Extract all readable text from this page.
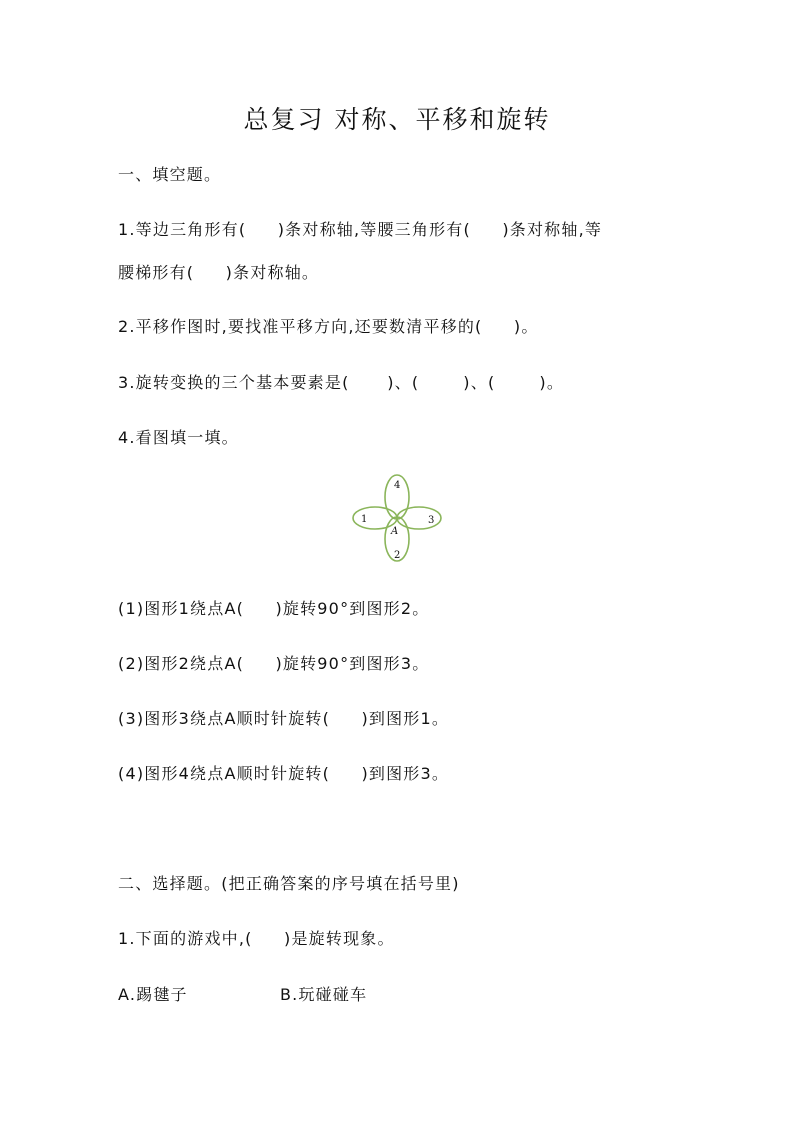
总复习 对称、平移和旋转
一、填空题。
1.等边三角形有(     )条对称轴,等腰三角形有(     )条对称轴,等
腰梯形有(     )条对称轴。
2.平移作图时,要找准平移方向,还要数清平移的(     )。
3.旋转变换的三个基本要素是(      )、(       )、(       )。
4.看图填一填。
4
1	3
2
A
(1)图形1绕点A(     )旋转90°到图形2。
(2)图形2绕点A(     )旋转90°到图形3。
(3)图形3绕点A顺时针旋转(     )到图形1。
(4)图形4绕点A顺时针旋转(     )到图形3。
二、选择题。(把正确答案的序号填在括号里)
1.下面的游戏中,(     )是旋转现象。
A.踢毽子	B.玩碰碰车
